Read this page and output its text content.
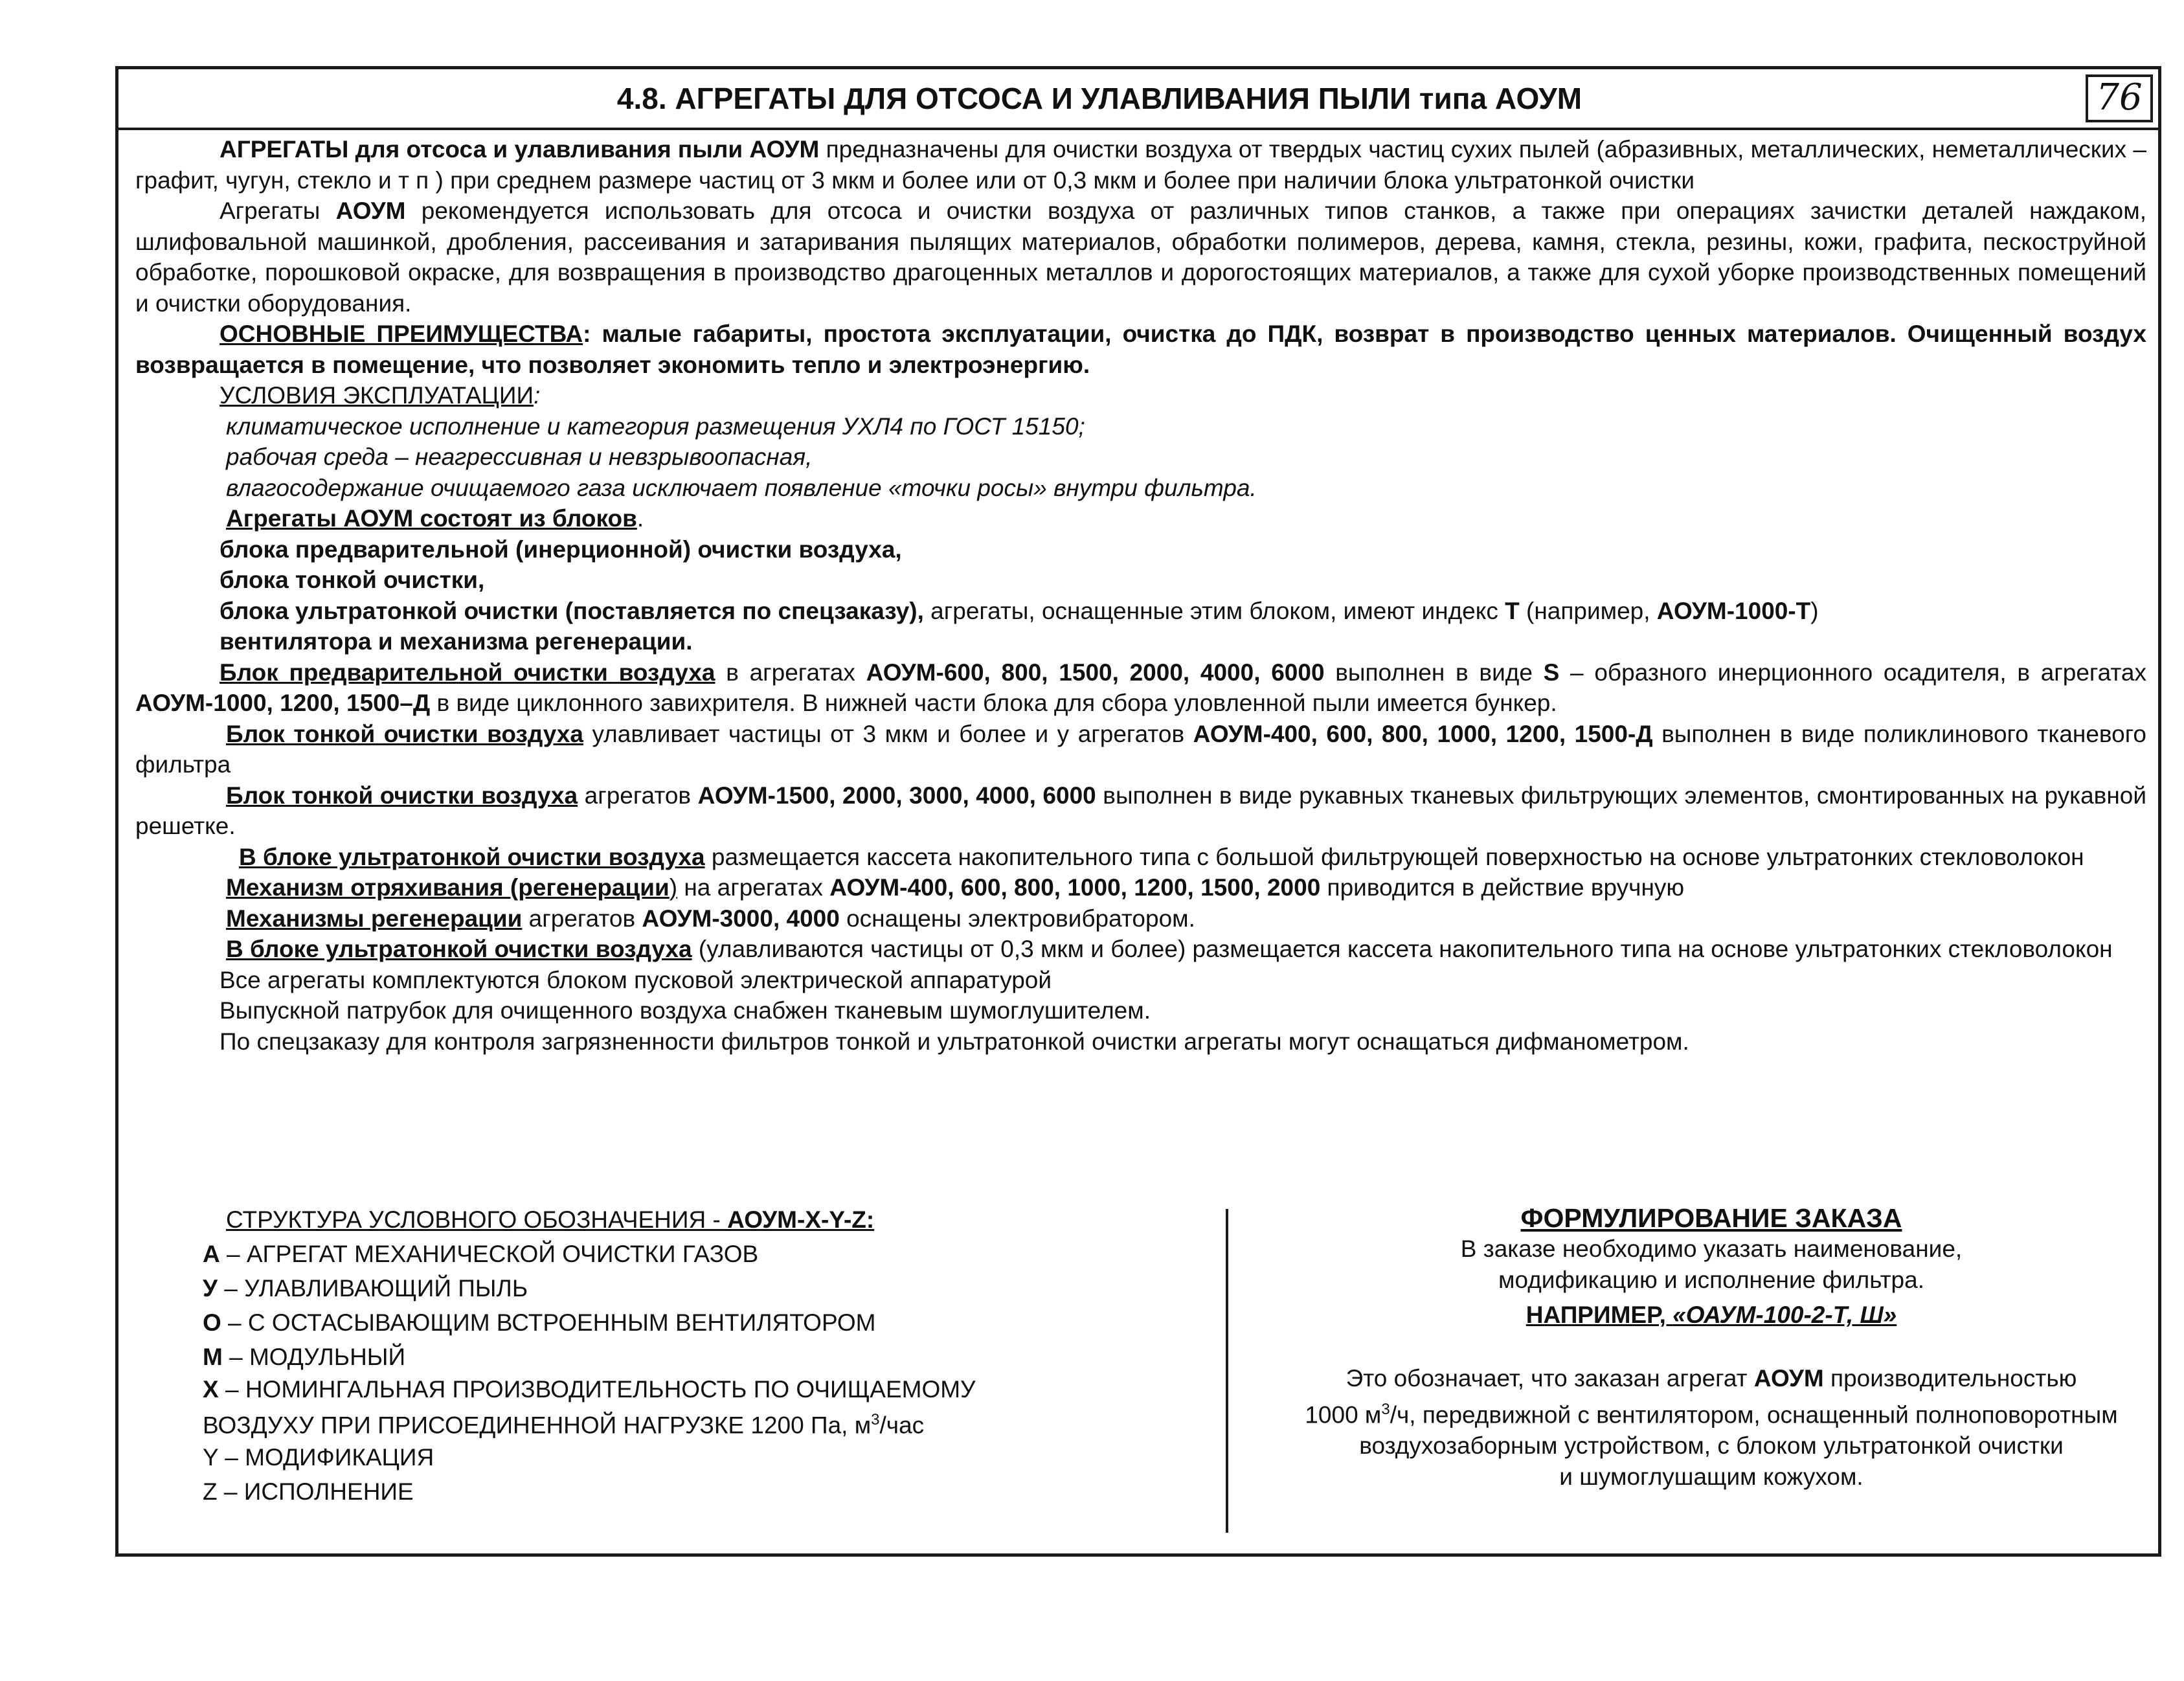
4.8. АГРЕГАТЫ ДЛЯ ОТСОСА И УЛАВЛИВАНИЯ ПЫЛИ типа АОУМ	76

АГРЕГАТЫ для отсоса и улавливания пыли АОУМ предназначены для очистки воздуха от твердых частиц сухих пылей (абразивных, металлических, неметаллических – графит, чугун, стекло и т п ) при среднем размере частиц от 3 мкм и более или от 0,3 мкм и более при наличии блока ультратонкой очистки

Агрегаты АОУМ рекомендуется использовать для отсоса и очистки воздуха от различных типов станков, а также при операциях зачистки деталей наждаком, шлифовальной машинкой, дробления, рассеивания и затаривания пылящих материалов, обработки полимеров, дерева, камня, стекла, резины, кожи, графита, пескоструйной обработке, порошковой окраске, для возвращения в производство драгоценных металлов и дорогостоящих материалов, а также для сухой уборке производственных помещений и очистки оборудования.

ОСНОВНЫЕ ПРЕИМУЩЕСТВА: малые габариты, простота эксплуатации, очистка до ПДК, возврат в производство ценных материалов. Очищенный воздух возвращается в помещение, что позволяет экономить тепло и электроэнергию.

УСЛОВИЯ ЭКСПЛУАТАЦИИ:

климатическое исполнение и категория размещения УХЛ4 по ГОСТ 15150;

рабочая среда – неагрессивная и невзрывоопасная,

влагосодержание очищаемого газа исключает появление «точки росы» внутри фильтра.

Агрегаты АОУМ состоят из блоков.

блока предварительной (инерционной) очистки воздуха,

блока тонкой очистки,

блока ультратонкой очистки (поставляется по спецзаказу), агрегаты, оснащенные этим блоком, имеют индекс Т (например, АОУМ-1000-Т)

вентилятора и механизма регенерации.

Блок предварительной очистки воздуха в агрегатах АОУМ-600, 800, 1500, 2000, 4000, 6000 выполнен в виде S – образного инерционного осадителя, в агрегатах АОУМ-1000, 1200, 1500–Д в виде циклонного завихрителя. В нижней части блока для сбора уловленной пыли имеется бункер.

Блок тонкой очистки воздуха улавливает частицы от 3 мкм и более и у агрегатов АОУМ-400, 600, 800, 1000, 1200, 1500-Д выполнен в виде поликлинового тканевого фильтра

Блок тонкой очистки воздуха агрегатов АОУМ-1500, 2000, 3000, 4000, 6000 выполнен в виде рукавных тканевых фильтрующих элементов, смонтированных на рукавной решетке.

В блоке ультратонкой очистки воздуха размещается кассета накопительного типа с большой фильтрующей поверхностью на основе ультратонких стекловолокон

Механизм отряхивания (регенерации) на агрегатах АОУМ-400, 600, 800, 1000, 1200, 1500, 2000 приводится в действие вручную

Механизмы регенерации агрегатов АОУМ-3000, 4000 оснащены электровибратором.

В блоке ультратонкой очистки воздуха (улавливаются частицы от 0,3 мкм и более) размещается кассета накопительного типа на основе ультратонких стекловолокон

Все агрегаты комплектуются блоком пусковой электрической аппаратурой

Выпускной патрубок для очищенного воздуха снабжен тканевым шумоглушителем.

По спецзаказу для контроля загрязненности фильтров тонкой и ультратонкой очистки агрегаты могут оснащаться дифманометром.

СТРУКТУРА УСЛОВНОГО ОБОЗНАЧЕНИЯ - АОУМ-X-Y-Z:

А – АГРЕГАТ МЕХАНИЧЕСКОЙ ОЧИСТКИ ГАЗОВ

У – УЛАВЛИВАЮЩИЙ ПЫЛЬ

О – С ОСТАСЫВАЮЩИМ ВСТРОЕННЫМ ВЕНТИЛЯТОРОМ

М – МОДУЛЬНЫЙ

X – НОМИНГАЛЬНАЯ ПРОИЗВОДИТЕЛЬНОСТЬ ПО ОЧИЩАЕМОМУ
ВОЗДУХУ ПРИ ПРИСОЕДИНЕННОЙ НАГРУЗКЕ 1200 Па, $м^3$/час

Y – МОДИФИКАЦИЯ

Z – ИСПОЛНЕНИЕ

ФОРМУЛИРОВАНИЕ ЗАКАЗА

В заказе необходимо указать наименование,

модификацию и исполнение фильтра.

НАПРИМЕР, «ОАУМ-100-2-Т, Ш»

Это обозначает, что заказан агрегат АОУМ производительностью
1000 $м^3/ч$, передвижной с вентилятором, оснащенный полноповоротным
воздухозаборным устройством, с блоком ультратонкой очистки
и шумоглушащим кожухом.
